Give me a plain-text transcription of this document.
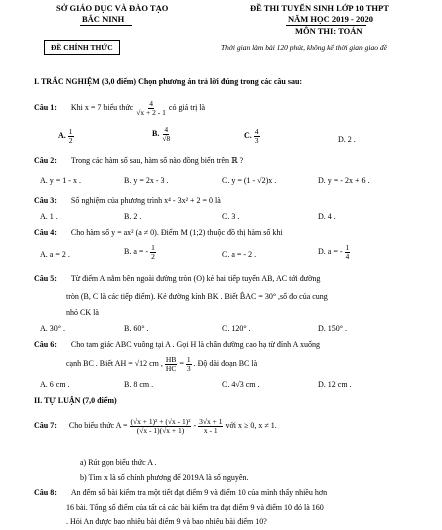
SỞ GIÁO DỤC VÀ ĐÀO TẠO
BẮC NINH
ĐỀ THI TUYỂN SINH LỚP 10 THPT
NĂM HỌC 2019 - 2020
MÔN THI: TOÁN
ĐỀ CHÍNH THỨC	Thời gian làm bài 120 phút, không kể thời gian giao đề
I. TRẮC NGHIỆM (3,0 điểm) Chọn phương án trả lời đúng trong các câu sau:
Câu 1: Khi x = 7 biểu thức $\frac{4}{√x + 2 - 1}$ có giá trị là
A. $\frac{1}{2}$	B. $\frac{4}{√8}$	C. $\frac{4}{3}$	D. 2 .
Câu 2: Trong các hàm số sau, hàm số nào đồng biến trên ℝ ?
A. y = 1 - x .	B. y = 2x - 3 .	C. y = (1 - √2)x .	D. y = - 2x + 6 .
Câu 3: Số nghiệm của phương trình x⁴ - 3x² + 2 = 0 là
A. 1 .	B. 2 .	C. 3 .	D. 4 .
Câu 4: Cho hàm số y = ax² (a ≠ 0). Điểm M (1;2) thuộc đồ thị hàm số khi
A. a = 2 .	B. a = - $\frac{1}{2}$	C. a = - 2 .	D. a = - $\frac{1}{4}$
Câu 5: Từ điểm A nằm bên ngoài đường tròn (O) kẻ hai tiếp tuyến AB, AC tới đường
tròn (B, C là các tiếp điểm). Kẻ đường kính BK . Biết B̂AC = 30° ,số đo của cung
nhỏ CK là
A. 30° .	B. 60° .	C. 120° .	D. 150° .
Câu 6: Cho tam giác ABC vuông tại A . Gọi H là chân đường cao hạ từ đỉnh A xuống
cạnh BC . Biết AH = √12 cm , $\frac{HB}{HC} = \frac{1}{3}$ . Độ dài đoạn BC là
A. 6 cm .	B. 8 cm .	C. 4√3 cm .	D. 12 cm .
II. TỰ LUẬN (7,0 điểm)
Câu 7: Cho biểu thức $A = \frac{\text{(√x + 1)² + (√x - 1)²}}{(√x - 1)(√x + 1)} - \frac{3√x + 1}{x - 1}$ với x ≥ 0, x ≠ 1.
a) Rút gọn biểu thức A .
b) Tìm x là số chính phương để 2019A là số nguyên.
Câu 8: An đếm số bài kiểm tra một tiết đạt điểm 9 và điểm 10 của mình thấy nhiều hơn
16 bài. Tổng số điểm của tất cả các bài kiểm tra đạt điểm 9 và điểm 10 đó là 160
. Hỏi An được bao nhiêu bài điểm 9 và bao nhiêu bài điểm 10?
